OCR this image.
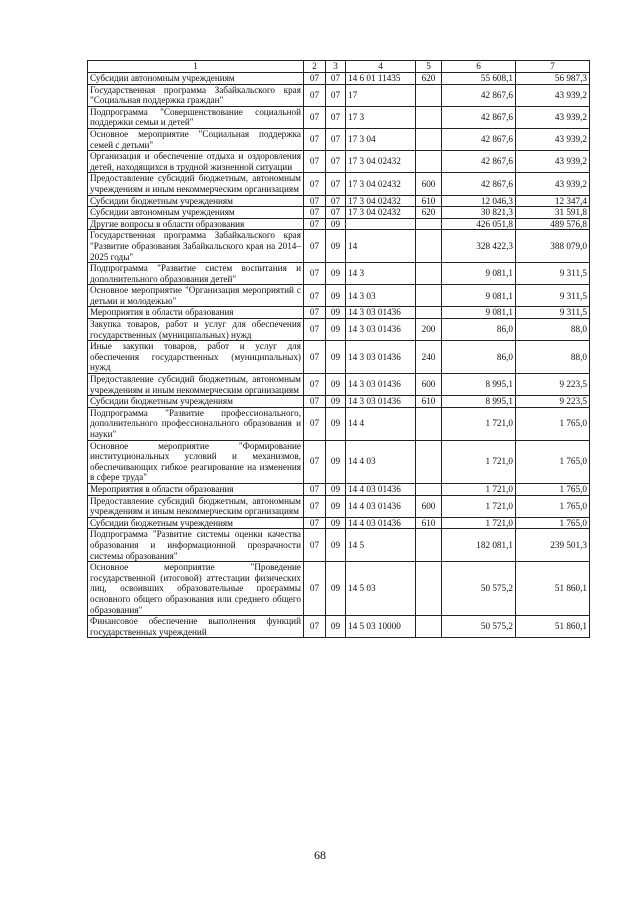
1	2	3	4	5	6	7
Субсидии автономным учреждениям	07	07	14 6 01 11435	620	55 608,1	56 987,3
Государственная программа Забайкальского края "Социальная поддержка граждан"	07	07	17		42 867,6	43 939,2
Подпрограмма "Совершенствование социальной поддержки семьи и детей"	07	07	17 3		42 867,6	43 939,2
Основное мероприятие "Социальная поддержка семей с детьми"	07	07	17 3 04		42 867,6	43 939,2
Организация и обеспечение отдыха и оздоровления детей, находящихся в трудной жизненной ситуации	07	07	17 3 04 02432		42 867,6	43 939,2
Предоставление субсидий бюджетным, автономным учреждениям и иным некоммерческим организациям	07	07	17 3 04 02432	600	42 867,6	43 939,2
Субсидии бюджетным учреждениям	07	07	17 3 04 02432	610	12 046,3	12 347,4
Субсидии автономным учреждениям	07	07	17 3 04 02432	620	30 821,3	31 591,8
Другие вопросы в области образования	07	09			426 051,8	489 576,8
Государственная программа Забайкальского края "Развитие образования Забайкальского края на 2014–2025 годы"	07	09	14		328 422,3	388 079,0
Подпрограмма "Развитие систем воспитания и дополнительного образования детей"	07	09	14 3		9 081,1	9 311,5
Основное мероприятие "Организация мероприятий с детьми и молодежью"	07	09	14 3 03		9 081,1	9 311,5
Мероприятия в области образования	07	09	14 3 03 01436		9 081,1	9 311,5
Закупка товаров, работ и услуг для обеспечения государственных (муниципальных) нужд	07	09	14 3 03 01436	200	86,0	88,0
Иные закупки товаров, работ и услуг для обеспечения государственных (муниципальных) нужд	07	09	14 3 03 01436	240	86,0	88,0
Предоставление субсидий бюджетным, автономным учреждениям и иным некоммерческим организациям	07	09	14 3 03 01436	600	8 995,1	9 223,5
Субсидии бюджетным учреждениям	07	09	14 3 03 01436	610	8 995,1	9 223,5
Подпрограмма "Развитие профессионального, дополнительного профессионального образования и науки"	07	09	14 4		1 721,0	1 765,0
Основное мероприятие "Формирование институциональных условий и механизмов, обеспечивающих гибкое реагирование на изменения в сфере труда"	07	09	14 4 03		1 721,0	1 765,0
Мероприятия в области образования	07	09	14 4 03 01436		1 721,0	1 765,0
Предоставление субсидий бюджетным, автономным учреждениям и иным некоммерческим организациям	07	09	14 4 03 01436	600	1 721,0	1 765,0
Субсидии бюджетным учреждениям	07	09	14 4 03 01436	610	1 721,0	1 765,0
Подпрограмма "Развитие системы оценки качества образования и информационной прозрачности системы образования"	07	09	14 5		182 081,1	239 501,3
Основное мероприятие "Проведение государственной (итоговой) аттестации физических лиц, освоивших образовательные программы основного общего образования или среднего общего образования"	07	09	14 5 03		50 575,2	51 860,1
Финансовое обеспечение выполнения функций государственных учреждений	07	09	14 5 03 10000		50 575,2	51 860,1
68
